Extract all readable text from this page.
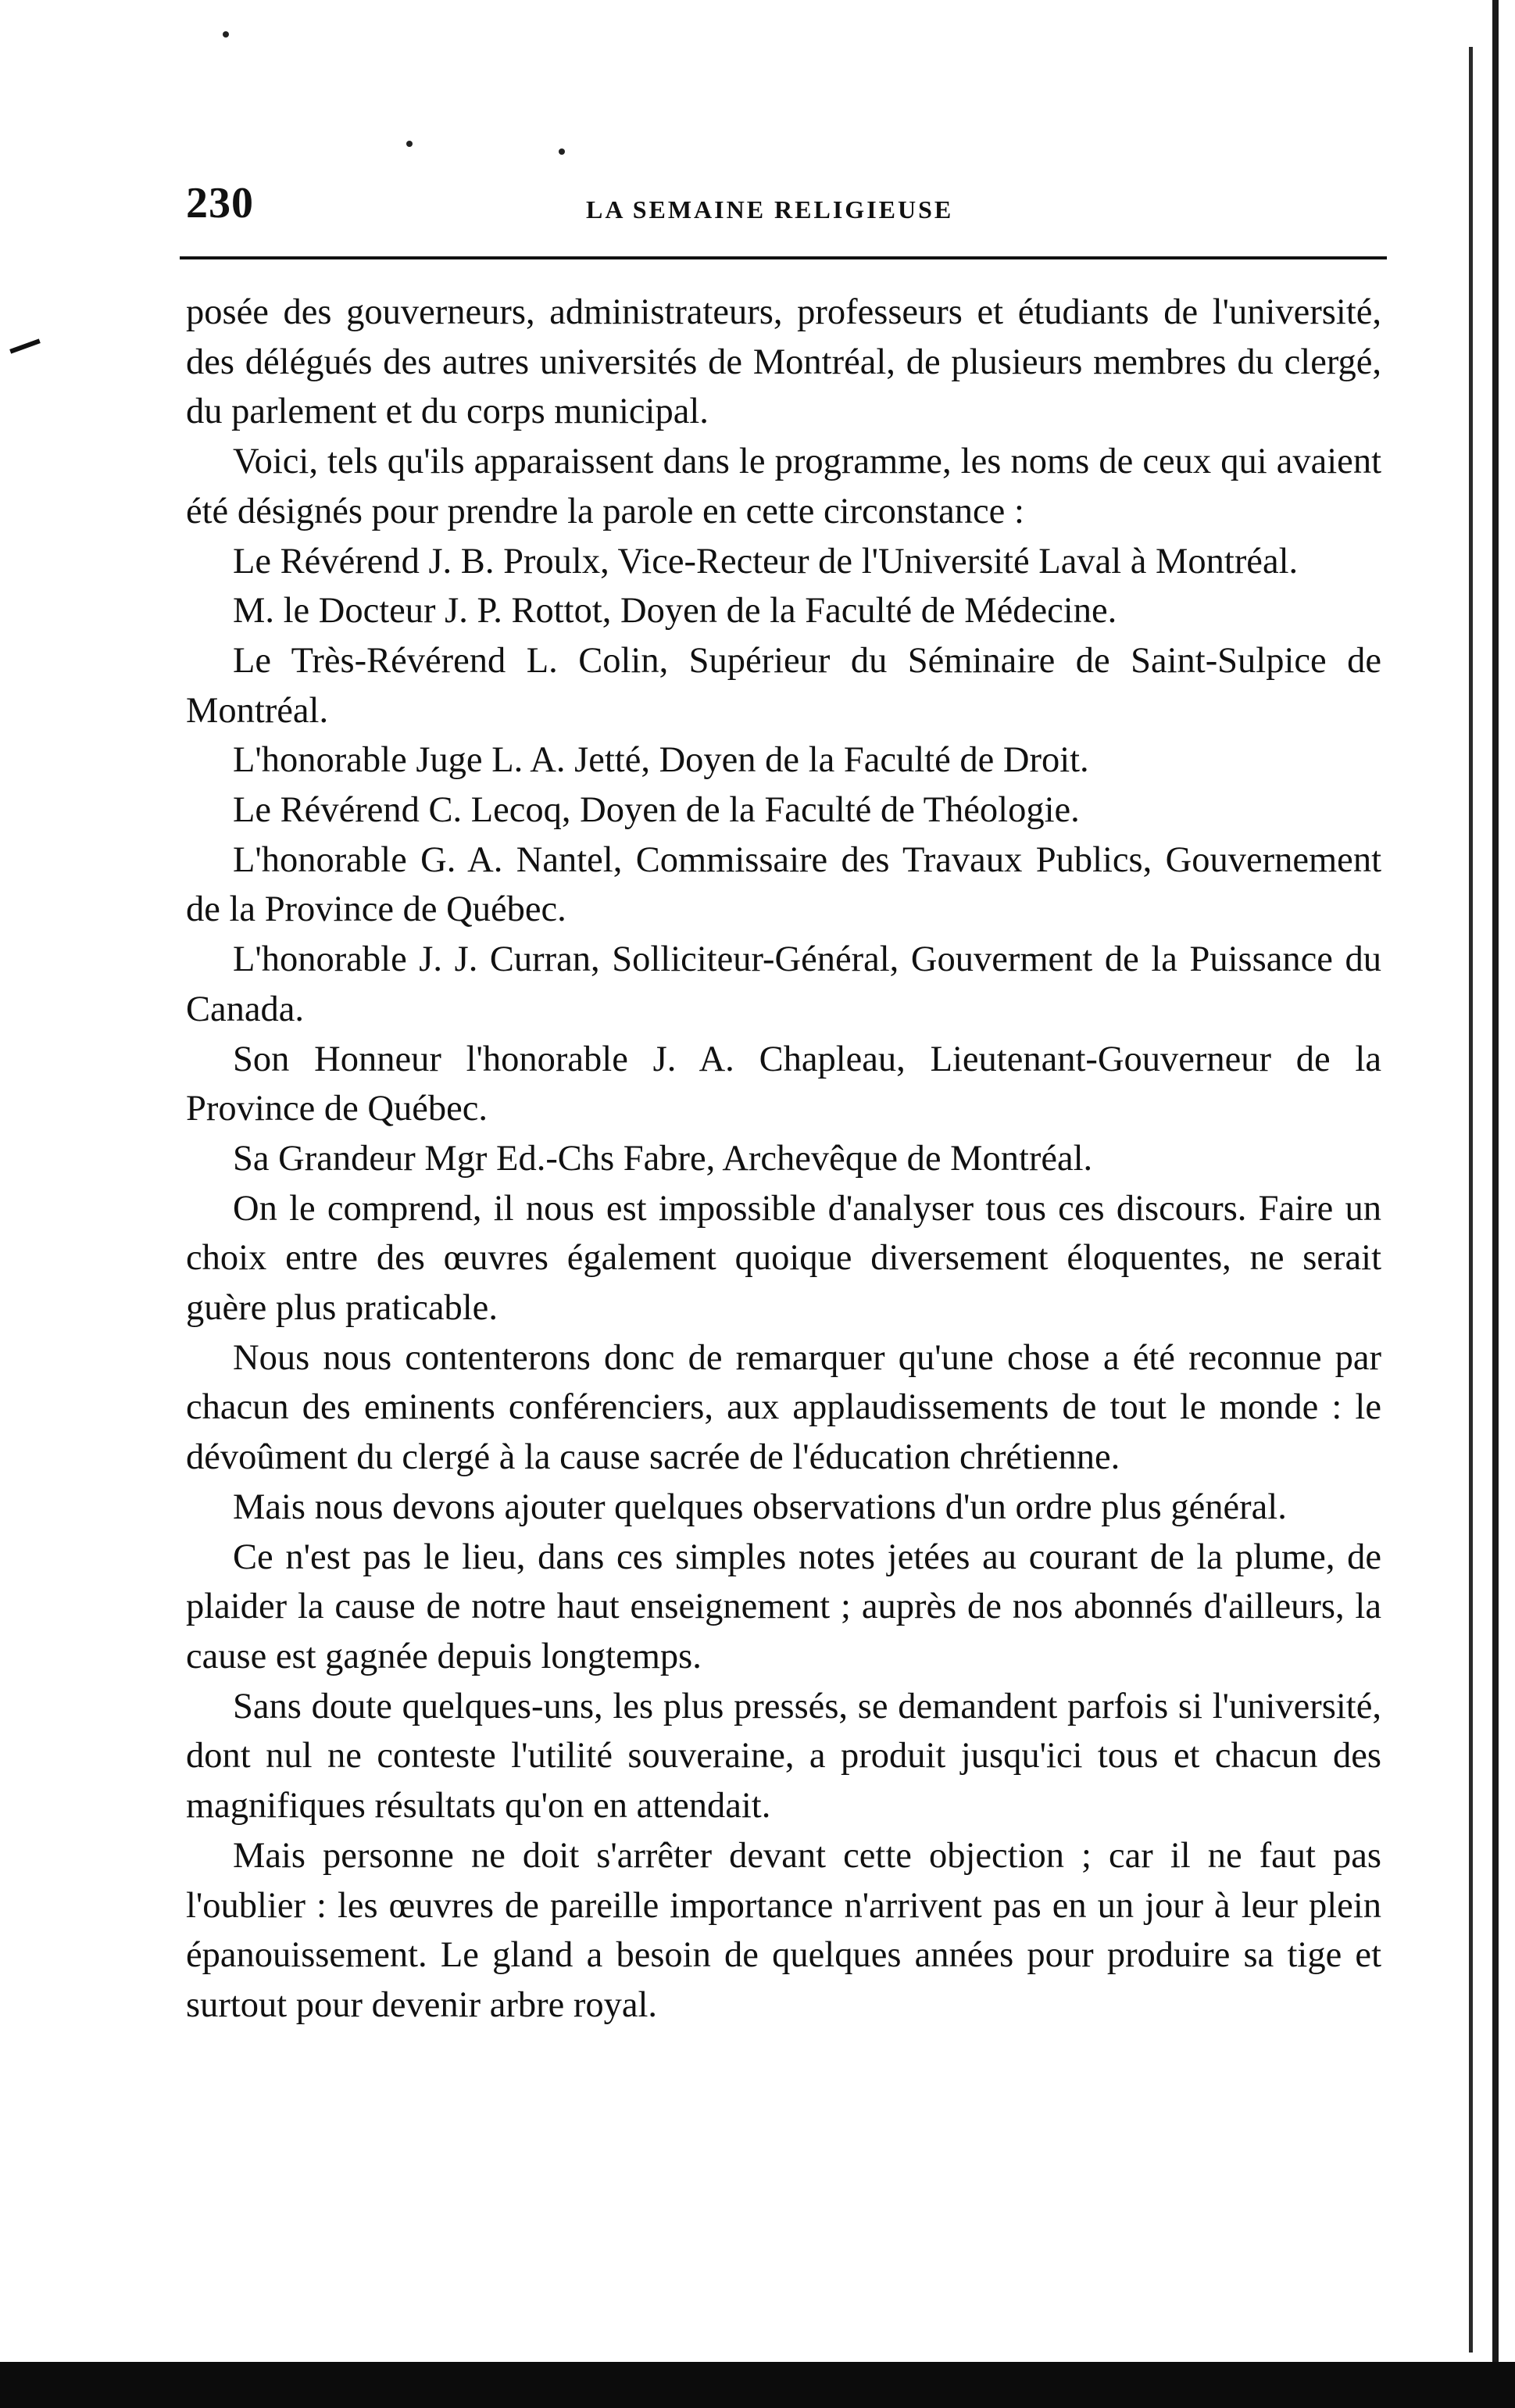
230	LA SEMAINE RELIGIEUSE

posée des gouverneurs, administrateurs, professeurs et étudiants de l'université, des délégués des autres universités de Montréal, de plusieurs membres du clergé, du parlement et du corps municipal.

Voici, tels qu'ils apparaissent dans le programme, les noms de ceux qui avaient été désignés pour prendre la parole en cette circonstance :

Le Révérend J. B. Proulx, Vice-Recteur de l'Université Laval à Montréal.

M. le Docteur J. P. Rottot, Doyen de la Faculté de Médecine.

Le Très-Révérend L. Colin, Supérieur du Séminaire de Saint-Sulpice de Montréal.

L'honorable Juge L. A. Jetté, Doyen de la Faculté de Droit.

Le Révérend C. Lecoq, Doyen de la Faculté de Théologie.

L'honorable G. A. Nantel, Commissaire des Travaux Publics, Gouvernement de la Province de Québec.

L'honorable J. J. Curran, Solliciteur-Général, Gouverment de la Puissance du Canada.

Son Honneur l'honorable J. A. Chapleau, Lieutenant-Gouverneur de la Province de Québec.

Sa Grandeur Mgr Ed.-Chs Fabre, Archevêque de Montréal.

On le comprend, il nous est impossible d'analyser tous ces discours. Faire un choix entre des œuvres également quoique diversement éloquentes, ne serait guère plus praticable.

Nous nous contenterons donc de remarquer qu'une chose a été reconnue par chacun des eminents conférenciers, aux applaudissements de tout le monde : le dévoûment du clergé à la cause sacrée de l'éducation chrétienne.

Mais nous devons ajouter quelques observations d'un ordre plus général.

Ce n'est pas le lieu, dans ces simples notes jetées au courant de la plume, de plaider la cause de notre haut enseignement ; auprès de nos abonnés d'ailleurs, la cause est gagnée depuis longtemps.

Sans doute quelques-uns, les plus pressés, se demandent parfois si l'université, dont nul ne conteste l'utilité souveraine, a produit jusqu'ici tous et chacun des magnifiques résultats qu'on en attendait.

Mais personne ne doit s'arrêter devant cette objection ; car il ne faut pas l'oublier : les œuvres de pareille importance n'arrivent pas en un jour à leur plein épanouissement. Le gland a besoin de quelques années pour produire sa tige et surtout pour devenir arbre royal.
